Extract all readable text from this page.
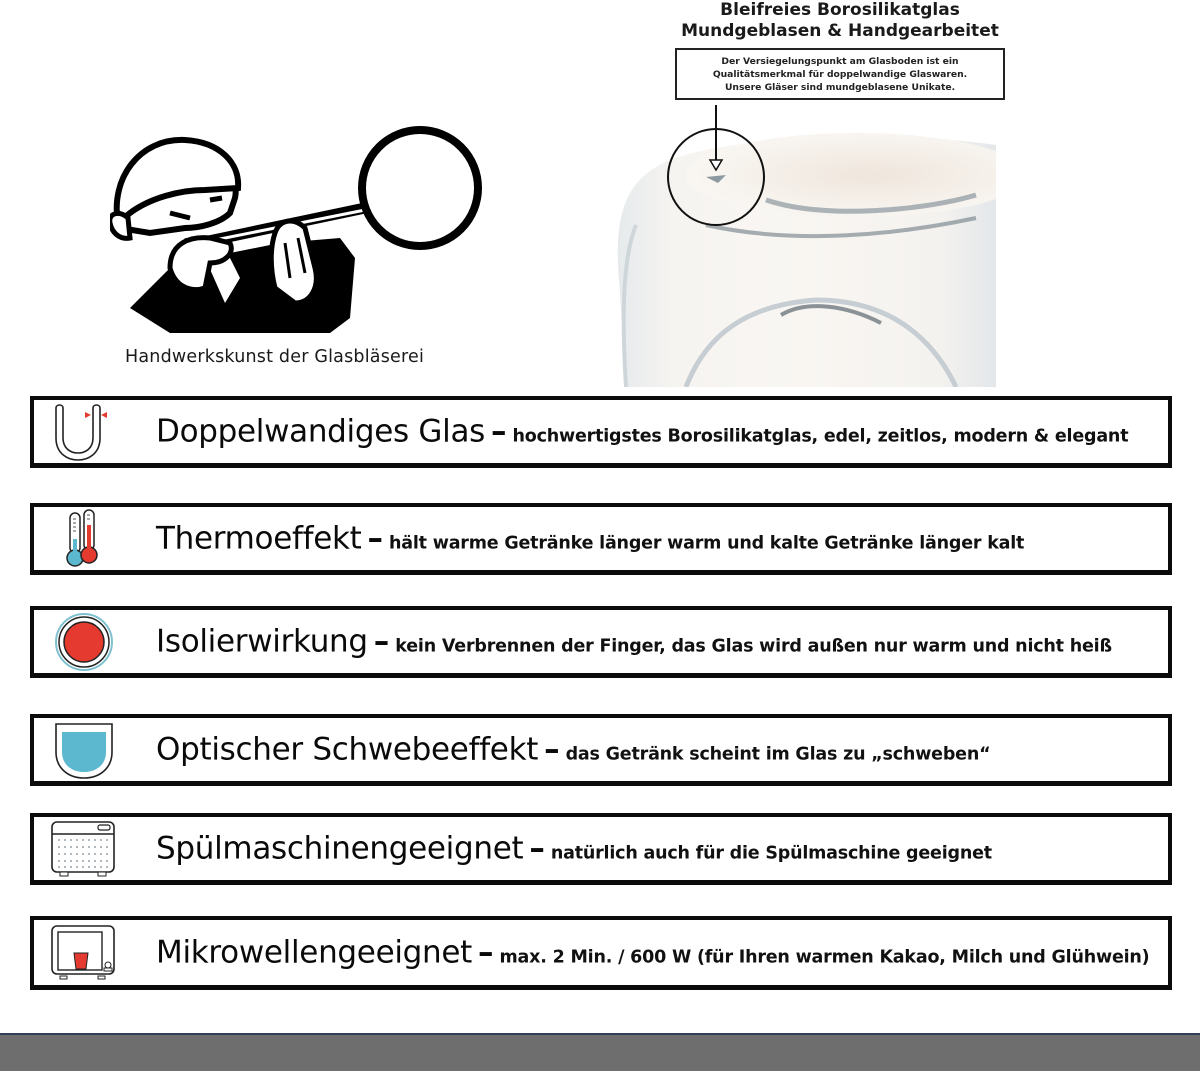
Handwerkskunst der Glasbläserei
Bleifreies Borosilikatglas
Mundgeblasen & Handgearbeitet
Der Versiegelungspunkt am Glasboden ist ein
Qualitätsmerkmal für doppelwandige Glaswaren.
Unsere Gläser sind mundgeblasene Unikate.
Doppelwandiges Glas – hochwertigstes Borosilikatglas, edel, zeitlos, modern & elegant
Thermoeffekt – hält warme Getränke länger warm und kalte Getränke länger kalt
Isolierwirkung – kein Verbrennen der Finger, das Glas wird außen nur warm und nicht heiß
Optischer Schwebeeffekt – das Getränk scheint im Glas zu „schweben“
Spülmaschinengeeignet – natürlich auch für die Spülmaschine geeignet
Mikrowellengeeignet – max. 2 Min. / 600 W (für Ihren warmen Kakao, Milch und Glühwein)
